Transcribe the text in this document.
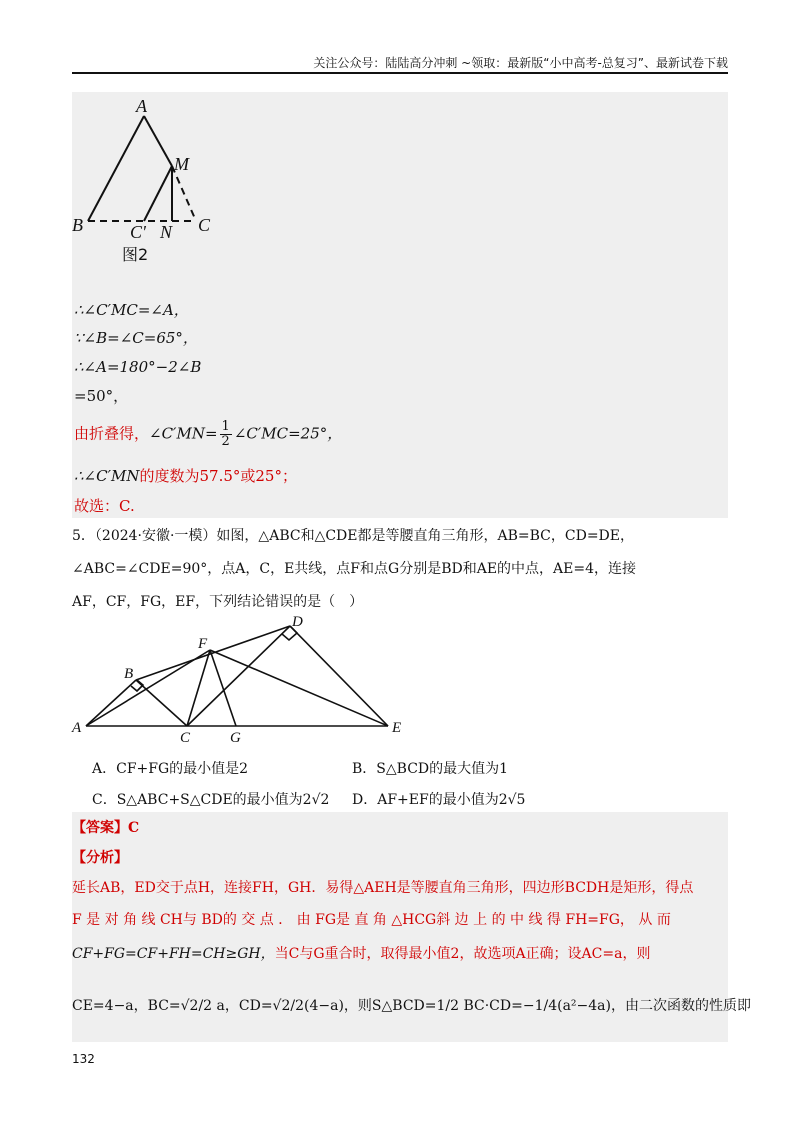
关注公众号：陆陆高分冲刺 ~领取：最新版“小中高考-总复习”、最新试卷下载
A
M
B	C' N C
图2
∴∠C′MC=∠A，
∵∠B=∠C=65°，
∴∠A=180°−2∠B
=50°，
由折叠得，∠C′MN= $\frac{1}{2}$ ∠C′MC=25°，
∴∠C′MN的度数为57.5°或25°；
故选：C.
5．（2024·安徽·一模）如图，△ABC和△CDE都是等腰直角三角形，AB=BC，CD=DE，
∠ABC=∠CDE=90°，点A，C，E共线，点F和点G分别是BD和AE的中点，AE=4，连接
AF，CF，FG，EF，下列结论错误的是（　）
D
F
B
A
C	G
E
A．CF+FG的最小值是2	B．S△BCD的最大值为1
C．S△ABC+S△CDE的最小值为2√2 D．AF+EF的最小值为2√5
【答案】C
【分析】
延长AB，ED交于点H，连接FH，GH．易得△AEH是等腰直角三角形，四边形BCDH是矩形，得点
F 是 对 角 线 CH与 BD的 交 点 ． 由 FG是 直 角 △HCG斜 边 上 的 中 线 得 FH=FG， 从 而
CF+FG=CF+FH=CH≥GH，当C与G重合时，取得最小值2，故选项A正确；设AC=a，则
CE=4−a，BC=√2/2 a，CD=√2/2(4−a)，则S△BCD=1/2 BC·CD=−1/4(a²−4a)，由二次函数的性质即
132
